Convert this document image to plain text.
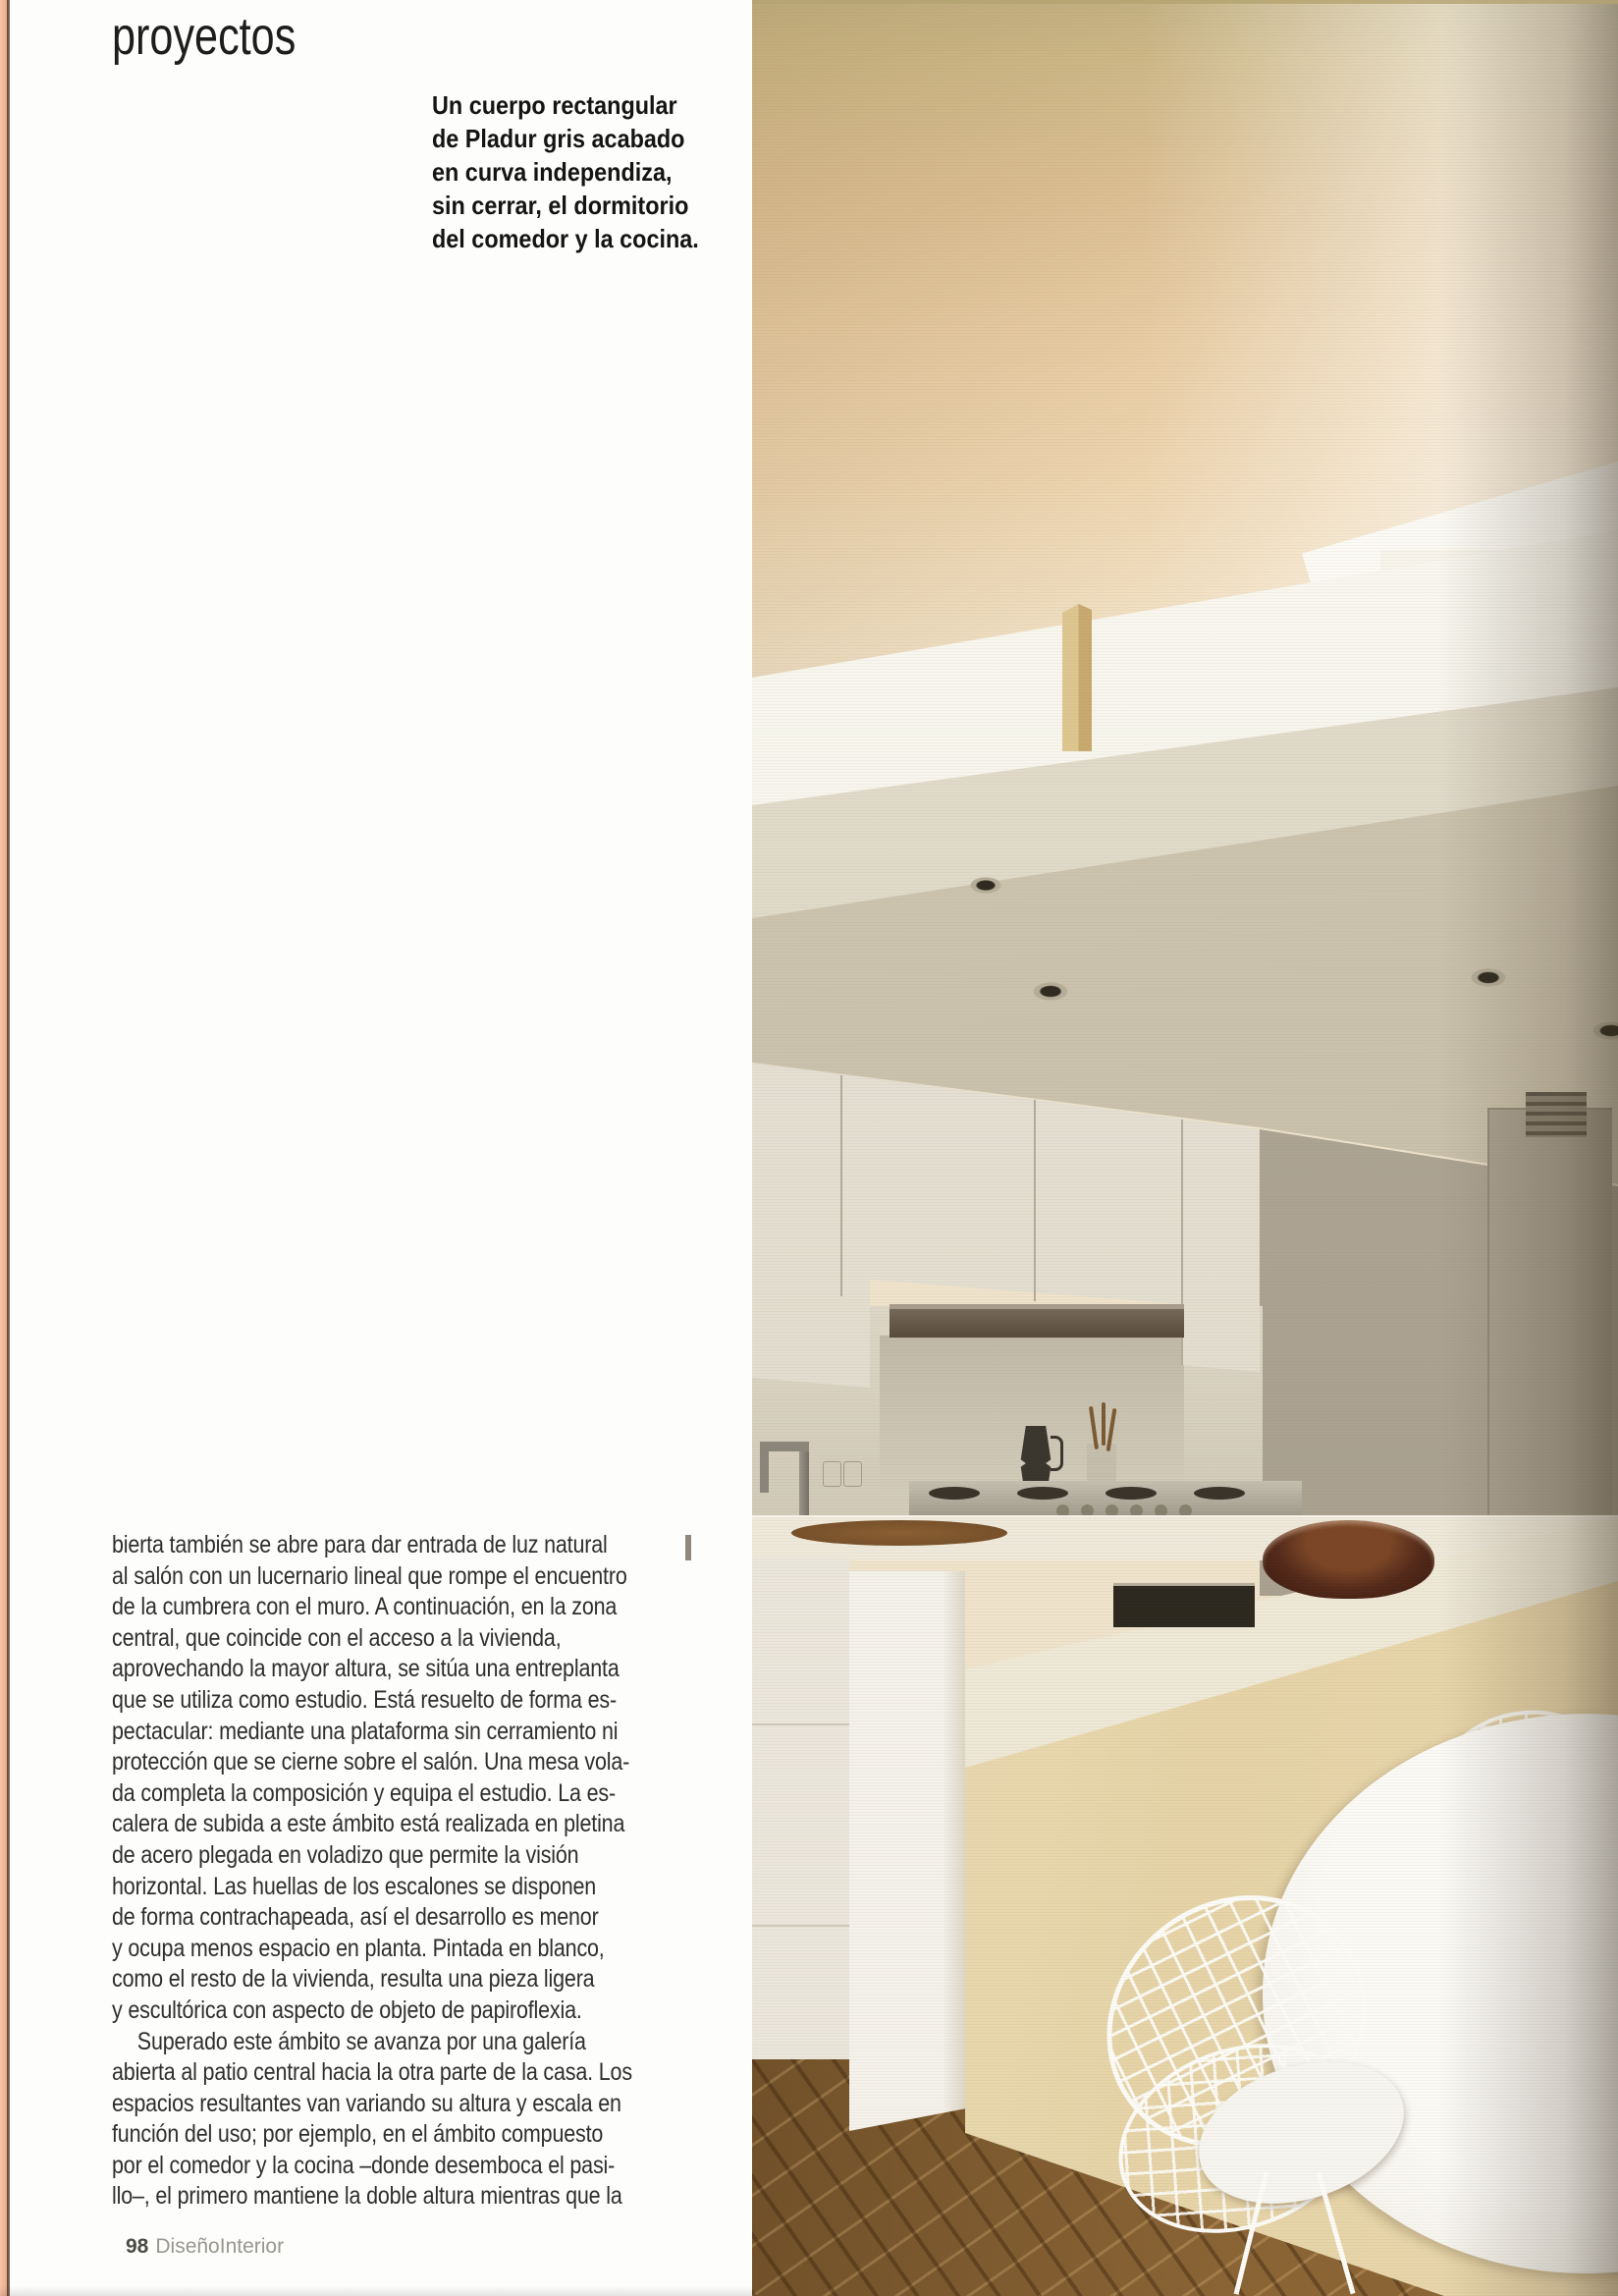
proyectos
Un cuerpo rectangular
de Pladur gris acabado
en curva independiza,
sin cerrar, el dormitorio
del comedor y la cocina.
bierta también se abre para dar entrada de luz natural
al salón con un lucernario lineal que rompe el encuentro
de la cumbrera con el muro. A continuación, en la zona
central, que coincide con el acceso a la vivienda,
aprovechando la mayor altura, se sitúa una entreplanta
que se utiliza como estudio. Está resuelto de forma es-
pectacular: mediante una plataforma sin cerramiento ni
protección que se cierne sobre el salón. Una mesa vola-
da completa la composición y equipa el estudio. La es-
calera de subida a este ámbito está realizada en pletina
de acero plegada en voladizo que permite la visión
horizontal. Las huellas de los escalones se disponen
de forma contrachapeada, así el desarrollo es menor
y ocupa menos espacio en planta. Pintada en blanco,
como el resto de la vivienda, resulta una pieza ligera
y escultórica con aspecto de objeto de papiroflexia.
Superado este ámbito se avanza por una galería
abierta al patio central hacia la otra parte de la casa. Los
espacios resultantes van variando su altura y escala en
función del uso; por ejemplo, en el ámbito compuesto
por el comedor y la cocina –donde desemboca el pasi-
llo–, el primero mantiene la doble altura mientras que la
98 DiseñoInterior
